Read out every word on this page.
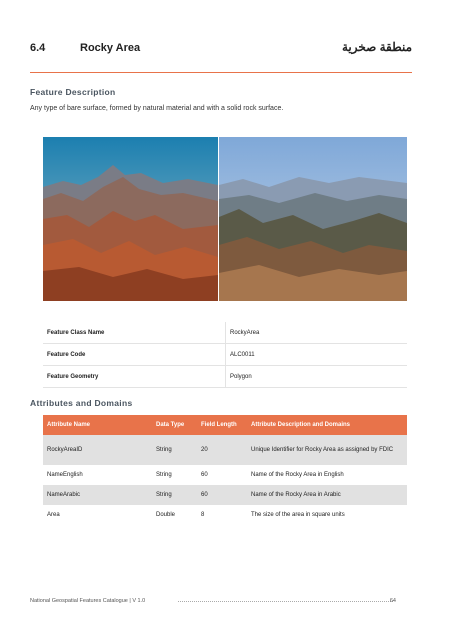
6.4	Rocky Area	منطقة صخرية
Feature Description
Any type of bare surface, formed by natural material and with a solid rock surface.
Feature Class Name	RockyArea
Feature Code	ALC0011
Feature Geometry	Polygon
Attributes and Domains
Attribute Name	Data Type	Field Length	Attribute Description and Domains
RockyAreaID	String	20	Unique Identifier for Rocky Area as assigned by FDIC
NameEnglish	String	60	Name of the Rocky Area in English
NameArabic	String	60	Name of the Rocky Area in Arabic
Area	Double	8	The size of the area in square units
National Geospatial Features Catalogue | V 1.0	64
